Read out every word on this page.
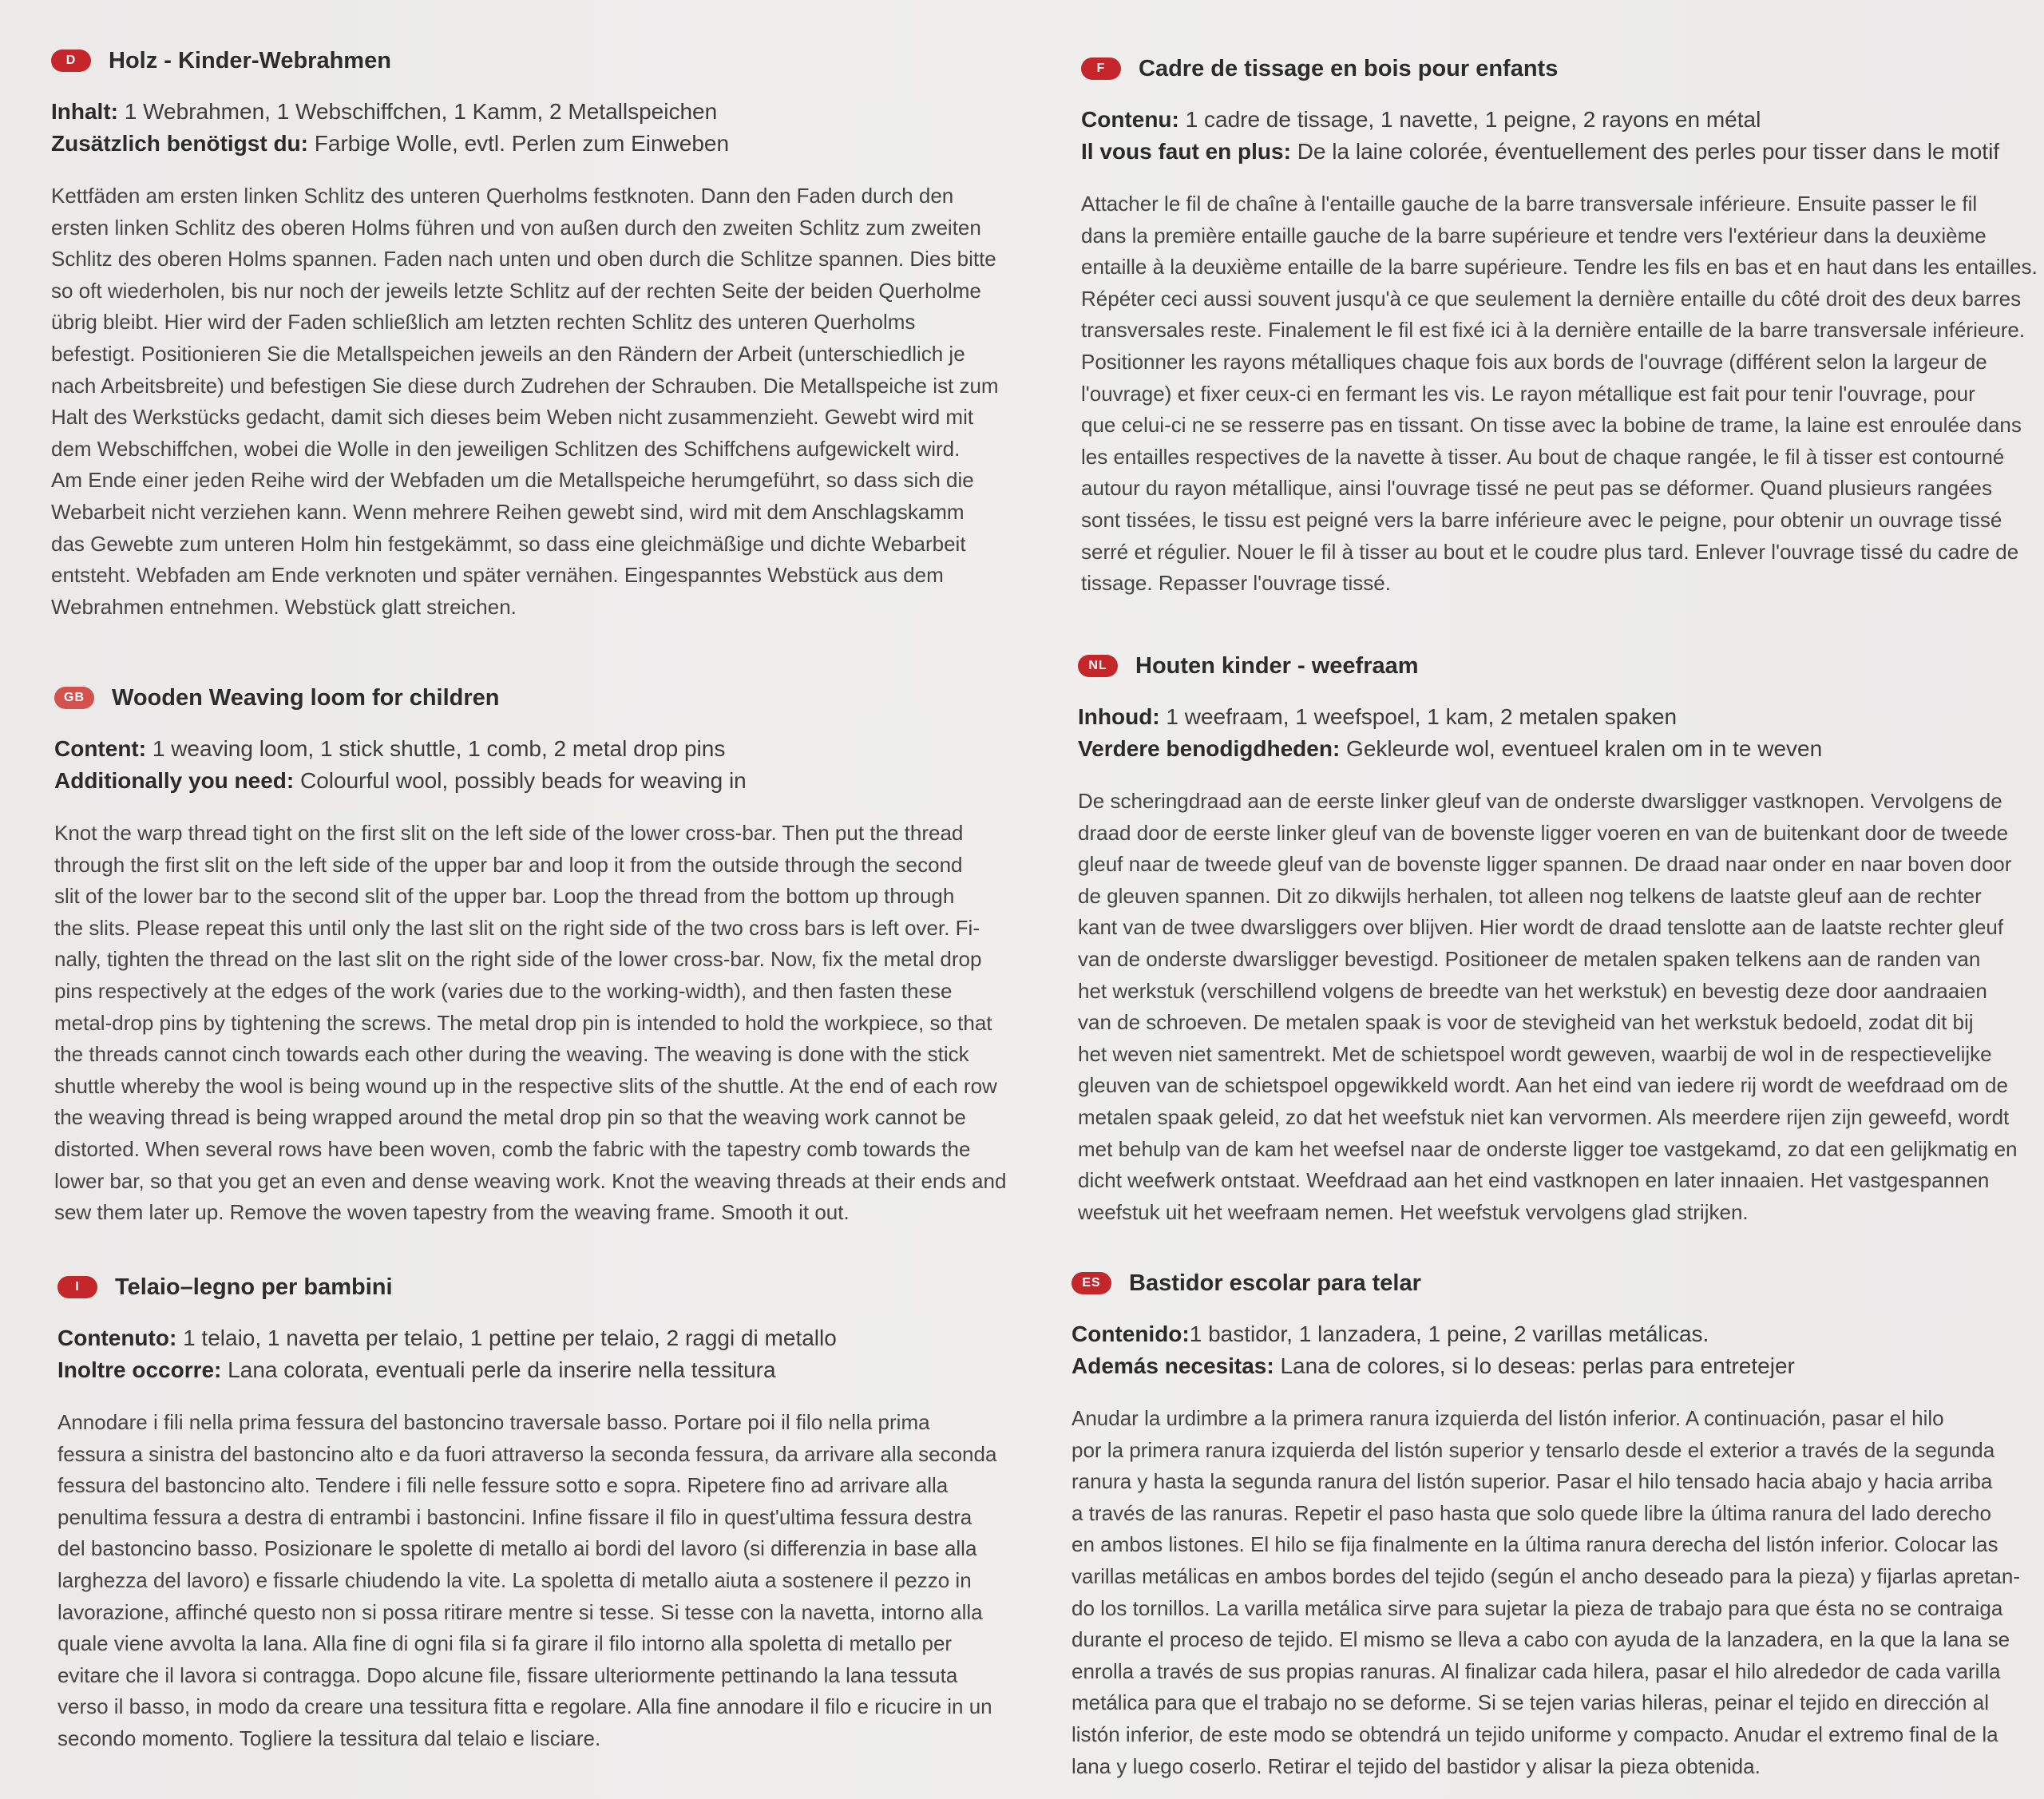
D	Holz - Kinder-Webrahmen
Inhalt: 1 Webrahmen, 1 Webschiffchen, 1 Kamm, 2 Metallspeichen
Zusätzlich benötigst du: Farbige Wolle, evtl. Perlen zum Einweben
Kettfäden am ersten linken Schlitz des unteren Querholms festknoten. Dann den Faden durch den
ersten linken Schlitz des oberen Holms führen und von außen durch den zweiten Schlitz zum zweiten
Schlitz des oberen Holms spannen. Faden nach unten und oben durch die Schlitze spannen. Dies bitte
so oft wiederholen, bis nur noch der jeweils letzte Schlitz auf der rechten Seite der beiden Querholme
übrig bleibt. Hier wird der Faden schließlich am letzten rechten Schlitz des unteren Querholms
befestigt. Positionieren Sie die Metallspeichen jeweils an den Rändern der Arbeit (unterschiedlich je
nach Arbeitsbreite) und befestigen Sie diese durch Zudrehen der Schrauben. Die Metallspeiche ist zum
Halt des Werkstücks gedacht, damit sich dieses beim Weben nicht zusammenzieht. Gewebt wird mit
dem Webschiffchen, wobei die Wolle in den jeweiligen Schlitzen des Schiffchens aufgewickelt wird.
Am Ende einer jeden Reihe wird der Webfaden um die Metallspeiche herumgeführt, so dass sich die
Webarbeit nicht verziehen kann. Wenn mehrere Reihen gewebt sind, wird mit dem Anschlagskamm
das Gewebte zum unteren Holm hin festgekämmt, so dass eine gleichmäßige und dichte Webarbeit
entsteht. Webfaden am Ende verknoten und später vernähen. Eingespanntes Webstück aus dem
Webrahmen entnehmen. Webstück glatt streichen.
GB	Wooden Weaving loom for children
Content: 1 weaving loom, 1 stick shuttle, 1 comb, 2 metal drop pins
Additionally you need: Colourful wool, possibly beads for weaving in
Knot the warp thread tight on the first slit on the left side of the lower cross-bar. Then put the thread
through the first slit on the left side of the upper bar and loop it from the outside through the second
slit of the lower bar to the second slit of the upper bar. Loop the thread from the bottom up through
the slits. Please repeat this until only the last slit on the right side of the two cross bars is left over. Fi-
nally, tighten the thread on the last slit on the right side of the lower cross-bar. Now, fix the metal drop
pins respectively at the edges of the work (varies due to the working-width), and then fasten these
metal-drop pins by tightening the screws. The metal drop pin is intended to hold the workpiece, so that
the threads cannot cinch towards each other during the weaving. The weaving is done with the stick
shuttle whereby the wool is being wound up in the respective slits of the shuttle. At the end of each row
the weaving thread is being wrapped around the metal drop pin so that the weaving work cannot be
distorted. When several rows have been woven, comb the fabric with the tapestry comb towards the
lower bar, so that you get an even and dense weaving work. Knot the weaving threads at their ends and
sew them later up. Remove the woven tapestry from the weaving frame. Smooth it out.
I	Telaio–legno per bambini
Contenuto: 1 telaio, 1 navetta per telaio, 1 pettine per telaio, 2 raggi di metallo
Inoltre occorre: Lana colorata, eventuali perle da inserire nella tessitura
Annodare i fili nella prima fessura del bastoncino traversale basso. Portare poi il filo nella prima
fessura a sinistra del bastoncino alto e da fuori attraverso la seconda fessura, da arrivare alla seconda
fessura del bastoncino alto. Tendere i fili nelle fessure sotto e sopra. Ripetere fino ad arrivare alla
penultima fessura a destra di entrambi i bastoncini. Infine fissare il filo in quest'ultima fessura destra
del bastoncino basso. Posizionare le spolette di metallo ai bordi del lavoro (si differenzia in base alla
larghezza del lavoro) e fissarle chiudendo la vite. La spoletta di metallo aiuta a sostenere il pezzo in
lavorazione, affinché questo non si possa ritirare mentre si tesse. Si tesse con la navetta, intorno alla
quale viene avvolta la lana. Alla fine di ogni fila si fa girare il filo intorno alla spoletta di metallo per
evitare che il lavora si contragga. Dopo alcune file, fissare ulteriormente pettinando la lana tessuta
verso il basso, in modo da creare una tessitura fitta e regolare. Alla fine annodare il filo e ricucire in un
secondo momento. Togliere la tessitura dal telaio e lisciare.
F	Cadre de tissage en bois pour enfants
Contenu: 1 cadre de tissage, 1 navette, 1 peigne, 2 rayons en métal
Il vous faut en plus: De la laine colorée, éventuellement des perles pour tisser dans le motif
Attacher le fil de chaîne à l'entaille gauche de la barre transversale inférieure. Ensuite passer le fil
dans la première entaille gauche de la barre supérieure et tendre vers l'extérieur dans la deuxième
entaille à la deuxième entaille de la barre supérieure. Tendre les fils en bas et en haut dans les entailles.
Répéter ceci aussi souvent jusqu'à ce que seulement la dernière entaille du côté droit des deux barres
transversales reste. Finalement le fil est fixé ici à la dernière entaille de la barre transversale inférieure.
Positionner les rayons métalliques chaque fois aux bords de l'ouvrage (différent selon la largeur de
l'ouvrage) et fixer ceux-ci en fermant les vis. Le rayon métallique est fait pour tenir l'ouvrage, pour
que celui-ci ne se resserre pas en tissant. On tisse avec la bobine de trame, la laine est enroulée dans
les entailles respectives de la navette à tisser. Au bout de chaque rangée, le fil à tisser est contourné
autour du rayon métallique, ainsi l'ouvrage tissé ne peut pas se déformer. Quand plusieurs rangées
sont tissées, le tissu est peigné vers la barre inférieure avec le peigne, pour obtenir un ouvrage tissé
serré et régulier. Nouer le fil à tisser au bout et le coudre plus tard. Enlever l'ouvrage tissé du cadre de
tissage. Repasser l'ouvrage tissé.
NL	Houten kinder - weefraam
Inhoud: 1 weefraam, 1 weefspoel, 1 kam, 2 metalen spaken
Verdere benodigdheden: Gekleurde wol, eventueel kralen om in te weven
De scheringdraad aan de eerste linker gleuf van de onderste dwarsligger vastknopen. Vervolgens de
draad door de eerste linker gleuf van de bovenste ligger voeren en van de buitenkant door de tweede
gleuf naar de tweede gleuf van de bovenste ligger spannen. De draad naar onder en naar boven door
de gleuven spannen. Dit zo dikwijls herhalen, tot alleen nog telkens de laatste gleuf aan de rechter
kant van de twee dwarsliggers over blijven. Hier wordt de draad tenslotte aan de laatste rechter gleuf
van de onderste dwarsligger bevestigd. Positioneer de metalen spaken telkens aan de randen van
het werkstuk (verschillend volgens de breedte van het werkstuk) en bevestig deze door aandraaien
van de schroeven. De metalen spaak is voor de stevigheid van het werkstuk bedoeld, zodat dit bij
het weven niet samentrekt. Met de schietspoel wordt geweven, waarbij de wol in de respectievelijke
gleuven van de schietspoel opgewikkeld wordt. Aan het eind van iedere rij wordt de weefdraad om de
metalen spaak geleid, zo dat het weefstuk niet kan vervormen. Als meerdere rijen zijn geweefd, wordt
met behulp van de kam het weefsel naar de onderste ligger toe vastgekamd, zo dat een gelijkmatig en
dicht weefwerk ontstaat. Weefdraad aan het eind vastknopen en later innaaien. Het vastgespannen
weefstuk uit het weefraam nemen. Het weefstuk vervolgens glad strijken.
ES	Bastidor escolar para telar
Contenido:1 bastidor, 1 lanzadera, 1 peine, 2 varillas metálicas.
Además necesitas: Lana de colores, si lo deseas: perlas para entretejer
Anudar la urdimbre a la primera ranura izquierda del listón inferior. A continuación, pasar el hilo
por la primera ranura izquierda del listón superior y tensarlo desde el exterior a través de la segunda
ranura y hasta la segunda ranura del listón superior. Pasar el hilo tensado hacia abajo y hacia arriba
a través de las ranuras. Repetir el paso hasta que solo quede libre la última ranura del lado derecho
en ambos listones. El hilo se fija finalmente en la última ranura derecha del listón inferior. Colocar las
varillas metálicas en ambos bordes del tejido (según el ancho deseado para la pieza) y fijarlas apretan-
do los tornillos. La varilla metálica sirve para sujetar la pieza de trabajo para que ésta no se contraiga
durante el proceso de tejido. El mismo se lleva a cabo con ayuda de la lanzadera, en la que la lana se
enrolla a través de sus propias ranuras. Al finalizar cada hilera, pasar el hilo alrededor de cada varilla
metálica para que el trabajo no se deforme. Si se tejen varias hileras, peinar el tejido en dirección al
listón inferior, de este modo se obtendrá un tejido uniforme y compacto. Anudar el extremo final de la
lana y luego coserlo. Retirar el tejido del bastidor y alisar la pieza obtenida.
